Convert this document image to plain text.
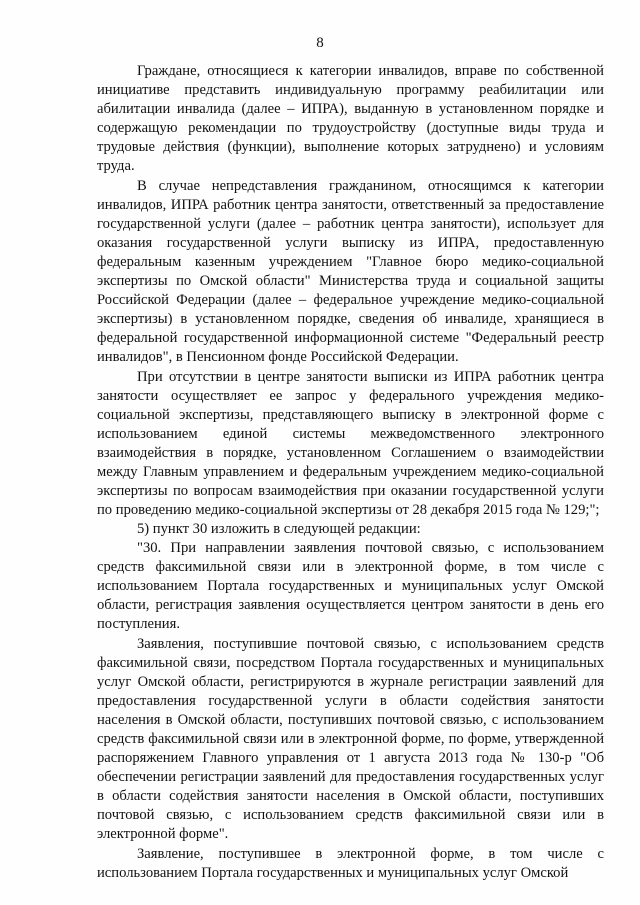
8

Граждане, относящиеся к категории инвалидов, вправе по собственной инициативе представить индивидуальную программу реабилитации или абилитации инвалида (далее – ИПРА), выданную в установленном порядке и содержащую рекомендации по трудоустройству (доступные виды труда и трудовые действия (функции), выполнение которых затруднено) и условиям труда.

В случае непредставления гражданином, относящимся к категории инвалидов, ИПРА работник центра занятости, ответственный за предоставление государственной услуги (далее – работник центра занятости), использует для оказания государственной услуги выписку из ИПРА, предоставленную федеральным казенным учреждением "Главное бюро медико-социальной экспертизы по Омской области" Министерства труда и социальной защиты Российской Федерации (далее – федеральное учреждение медико-социальной экспертизы) в установленном порядке, сведения об инвалиде, хранящиеся в федеральной государственной информационной системе "Федеральный реестр инвалидов", в Пенсионном фонде Российской Федерации.

При отсутствии в центре занятости выписки из ИПРА работник центра занятости осуществляет ее запрос у федерального учреждения медико-социальной экспертизы, представляющего выписку в электронной форме с использованием единой системы межведомственного электронного взаимодействия в порядке, установленном Соглашением о взаимодействии между Главным управлением и федеральным учреждением медико-социальной экспертизы по вопросам взаимодействия при оказании государственной услуги по проведению медико-социальной экспертизы от 28 декабря 2015 года № 129;";

5) пункт 30 изложить в следующей редакции:

"30. При направлении заявления почтовой связью, с использованием средств факсимильной связи или в электронной форме, в том числе с использованием Портала государственных и муниципальных услуг Омской области, регистрация заявления осуществляется центром занятости в день его поступления.

Заявления, поступившие почтовой связью, с использованием средств факсимильной связи, посредством Портала государственных и муниципальных услуг Омской области, регистрируются в журнале регистрации заявлений для предоставления государственной услуги в области содействия занятости населения в Омской области, поступивших почтовой связью, с использованием средств факсимильной связи или в электронной форме, по форме, утвержденной распоряжением Главного управления от 1 августа 2013 года № 130-р "Об обеспечении регистрации заявлений для предоставления государственных услуг в области содействия занятости населения в Омской области, поступивших почтовой связью, с использованием средств факсимильной связи или в электронной форме".

Заявление, поступившее в электронной форме, в том числе с использованием Портала государственных и муниципальных услуг Омской
